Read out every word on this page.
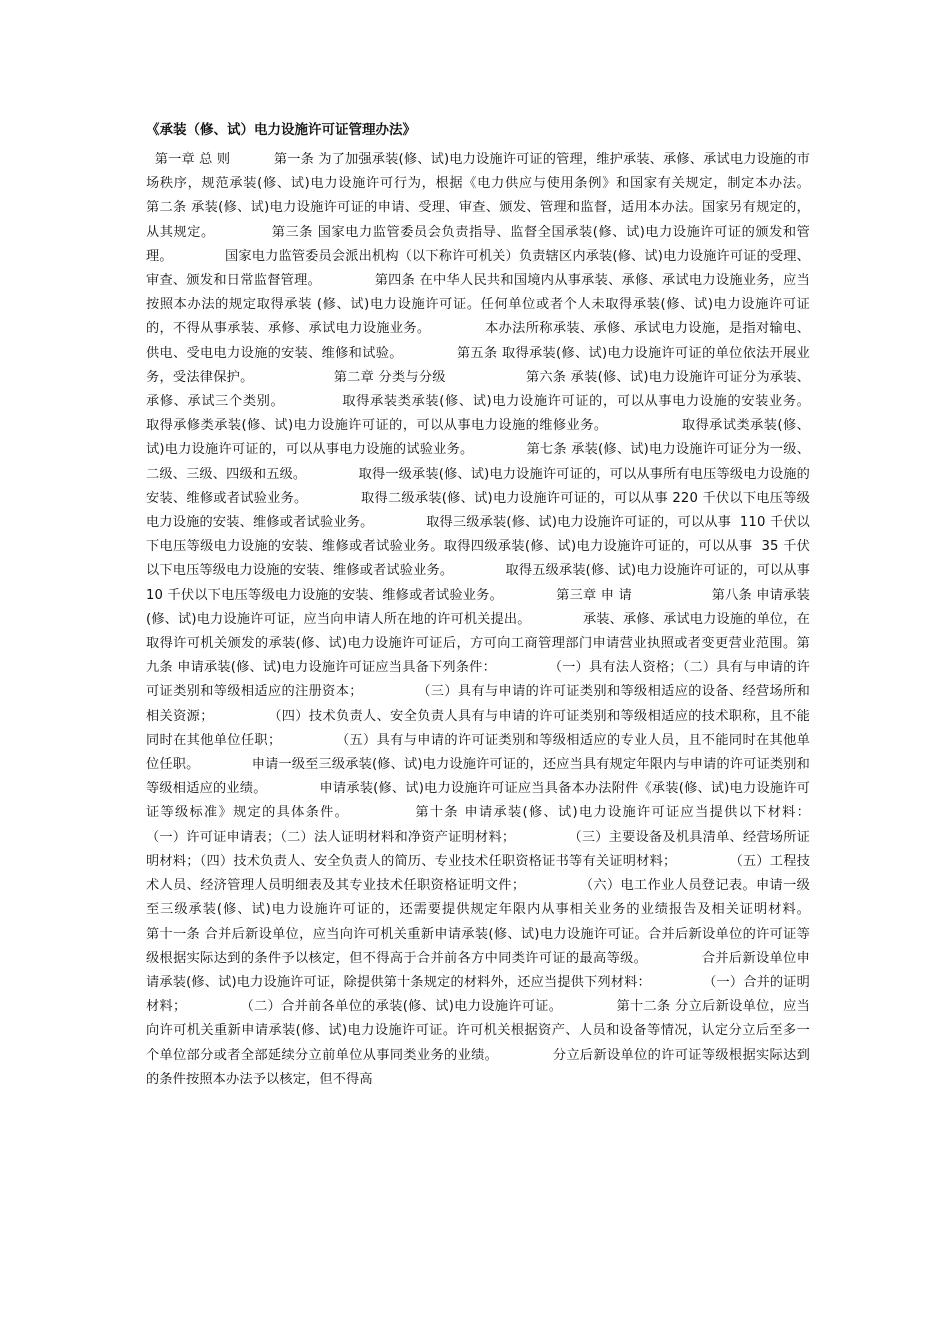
《承装（修、试）电力设施许可证管理办法》

第一章 总 则          第一条 为了加强承装(修、试)电力设施许可证的管理，维护承装、承修、承试电力设施的市场秩序，规范承装(修、试)电力设施许可行为，根据《电力供应与使用条例》和国家有关规定，制定本办法。                    第二条 承装(修、试)电力设施许可证的申请、受理、审查、颁发、管理和监督，适用本办法。国家另有规定的，从其规定。            第三条 国家电力监管委员会负责指导、监督全国承装(修、试)电力设施许可证的颁发和管理。            国家电力监管委员会派出机构（以下称许可机关）负责辖区内承装(修、试)电力设施许可证的受理、审查、颁发和日常监督管理。            第四条 在中华人民共和国境内从事承装、承修、承试电力设施业务，应当按照本办法的规定取得承装 (修、试)电力设施许可证。任何单位或者个人未取得承装(修、试)电力设施许可证的，不得从事承装、承修、承试电力设施业务。            本办法所称承装、承修、承试电力设施，是指对输电、供电、受电电力设施的安装、维修和试验。            第五条 取得承装(修、试)电力设施许可证的单位依法开展业务，受法律保护。                  第二章 分类与分级                  第六条 承装(修、试)电力设施许可证分为承装、承修、承试三个类别。            取得承装类承装(修、试)电力设施许可证的，可以从事电力设施的安装业务。            取得承修类承装(修、试)电力设施许可证的，可以从事电力设施的维修业务。                取得承试类承装(修、试)电力设施许可证的，可以从事电力设施的试验业务。            第七条 承装(修、试)电力设施许可证分为一级、二级、三级、四级和五级。            取得一级承装(修、试)电力设施许可证的，可以从事所有电压等级电力设施的安装、维修或者试验业务。            取得二级承装(修、试)电力设施许可证的，可以从事 220 千伏以下电压等级电力设施的安装、维修或者试验业务。            取得三级承装(修、试)电力设施许可证的，可以从事  110 千伏以下电压等级电力设施的安装、维修或者试验业务。取得四级承装(修、试)电力设施许可证的，可以从事  35 千伏以下电压等级电力设施的安装、维修或者试验业务。            取得五级承装(修、试)电力设施许可证的，可以从事  10 千伏以下电压等级电力设施的安装、维修或者试验业务。            第三章 申 请                  第八条 申请承装(修、试)电力设施许可证，应当向申请人所在地的许可机关提出。            承装、承修、承试电力设施的单位，在取得许可机关颁发的承装(修、试)电力设施许可证后，方可向工商管理部门申请营业执照或者变更营业范围。第九条 申请承装(修、试)电力设施许可证应当具备下列条件：            （一）具有法人资格；（二）具有与申请的许可证类别和等级相适应的注册资本；            （三）具有与申请的许可证类别和等级相适应的设备、经营场所和相关资源；            （四）技术负责人、安全负责人具有与申请的许可证类别和等级相适应的技术职称，且不能同时在其他单位任职；            （五）具有与申请的许可证类别和等级相适应的专业人员，且不能同时在其他单位任职。            申请一级至三级承装(修、试)电力设施许可证的，还应当具有规定年限内与申请的许可证类别和等级相适应的业绩。            申请承装(修、试)电力设施许可证应当具备本办法附件《承装(修、试)电力设施许可证等级标准》规定的具体条件。            第十条 申请承装(修、试)电力设施许可证应当提供以下材料：            （一）许可证申请表；（二）法人证明材料和净资产证明材料；            （三）主要设备及机具清单、经营场所证明材料；（四）技术负责人、安全负责人的简历、专业技术任职资格证书等有关证明材料；            （五）工程技术人员、经济管理人员明细表及其专业技术任职资格证明文件；            （六）电工作业人员登记表。申请一级至三级承装(修、试)电力设施许可证的，还需要提供规定年限内从事相关业务的业绩报告及相关证明材料。            第十一条 合并后新设单位，应当向许可机关重新申请承装(修、试)电力设施许可证。合并后新设单位的许可证等级根据实际达到的条件予以核定，但不得高于合并前各方中同类许可证的最高等级。            合并后新设单位申请承装(修、试)电力设施许可证，除提供第十条规定的材料外，还应当提供下列材料：            （一）合并的证明材料；            （二）合并前各单位的承装(修、试)电力设施许可证。            第十二条 分立后新设单位，应当向许可机关重新申请承装(修、试)电力设施许可证。许可机关根据资产、人员和设备等情况，认定分立后至多一个单位部分或者全部延续分立前单位从事同类业务的业绩。            分立后新设单位的许可证等级根据实际达到的条件按照本办法予以核定，但不得高
